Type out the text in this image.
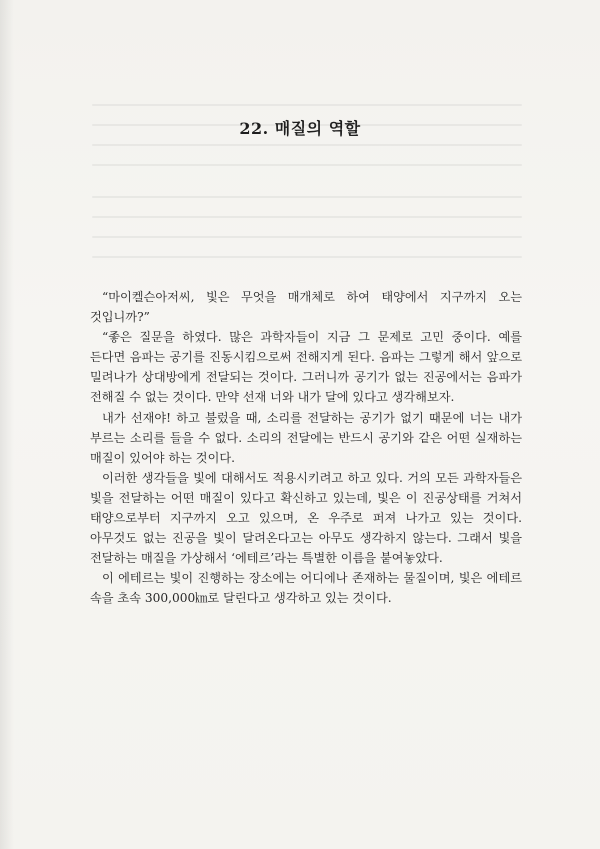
22. 매질의 역할

“마이켈슨아저씨, 빛은 무엇을 매개체로 하여 태양에서 지구까지 오는 것입니까?”

“좋은 질문을 하였다. 많은 과학자들이 지금 그 문제로 고민 중이다. 예를 든다면 음파는 공기를 진동시킴으로써 전해지게 된다. 음파는 그렇게 해서 앞으로 밀려나가 상대방에게 전달되는 것이다. 그러니까 공기가 없는 진공에서는 음파가 전해질 수 없는 것이다. 만약 선재 너와 내가 달에 있다고 생각해보자.

내가 선재야! 하고 불렀을 때, 소리를 전달하는 공기가 없기 때문에 너는 내가 부르는 소리를 들을 수 없다. 소리의 전달에는 반드시 공기와 같은 어떤 실재하는 매질이 있어야 하는 것이다.

이러한 생각들을 빛에 대해서도 적용시키려고 하고 있다. 거의 모든 과학자들은 빛을 전달하는 어떤 매질이 있다고 확신하고 있는데, 빛은 이 진공상태를 거쳐서 태양으로부터 지구까지 오고 있으며, 온 우주로 퍼져 나가고 있는 것이다. 아무것도 없는 진공을 빛이 달려온다고는 아무도 생각하지 않는다. 그래서 빛을 전달하는 매질을 가상해서 ‘에테르’라는 특별한 이름을 붙여놓았다.

이 에테르는 빛이 진행하는 장소에는 어디에나 존재하는 물질이며, 빛은 에테르 속을 초속 300,000㎞로 달린다고 생각하고 있는 것이다.
